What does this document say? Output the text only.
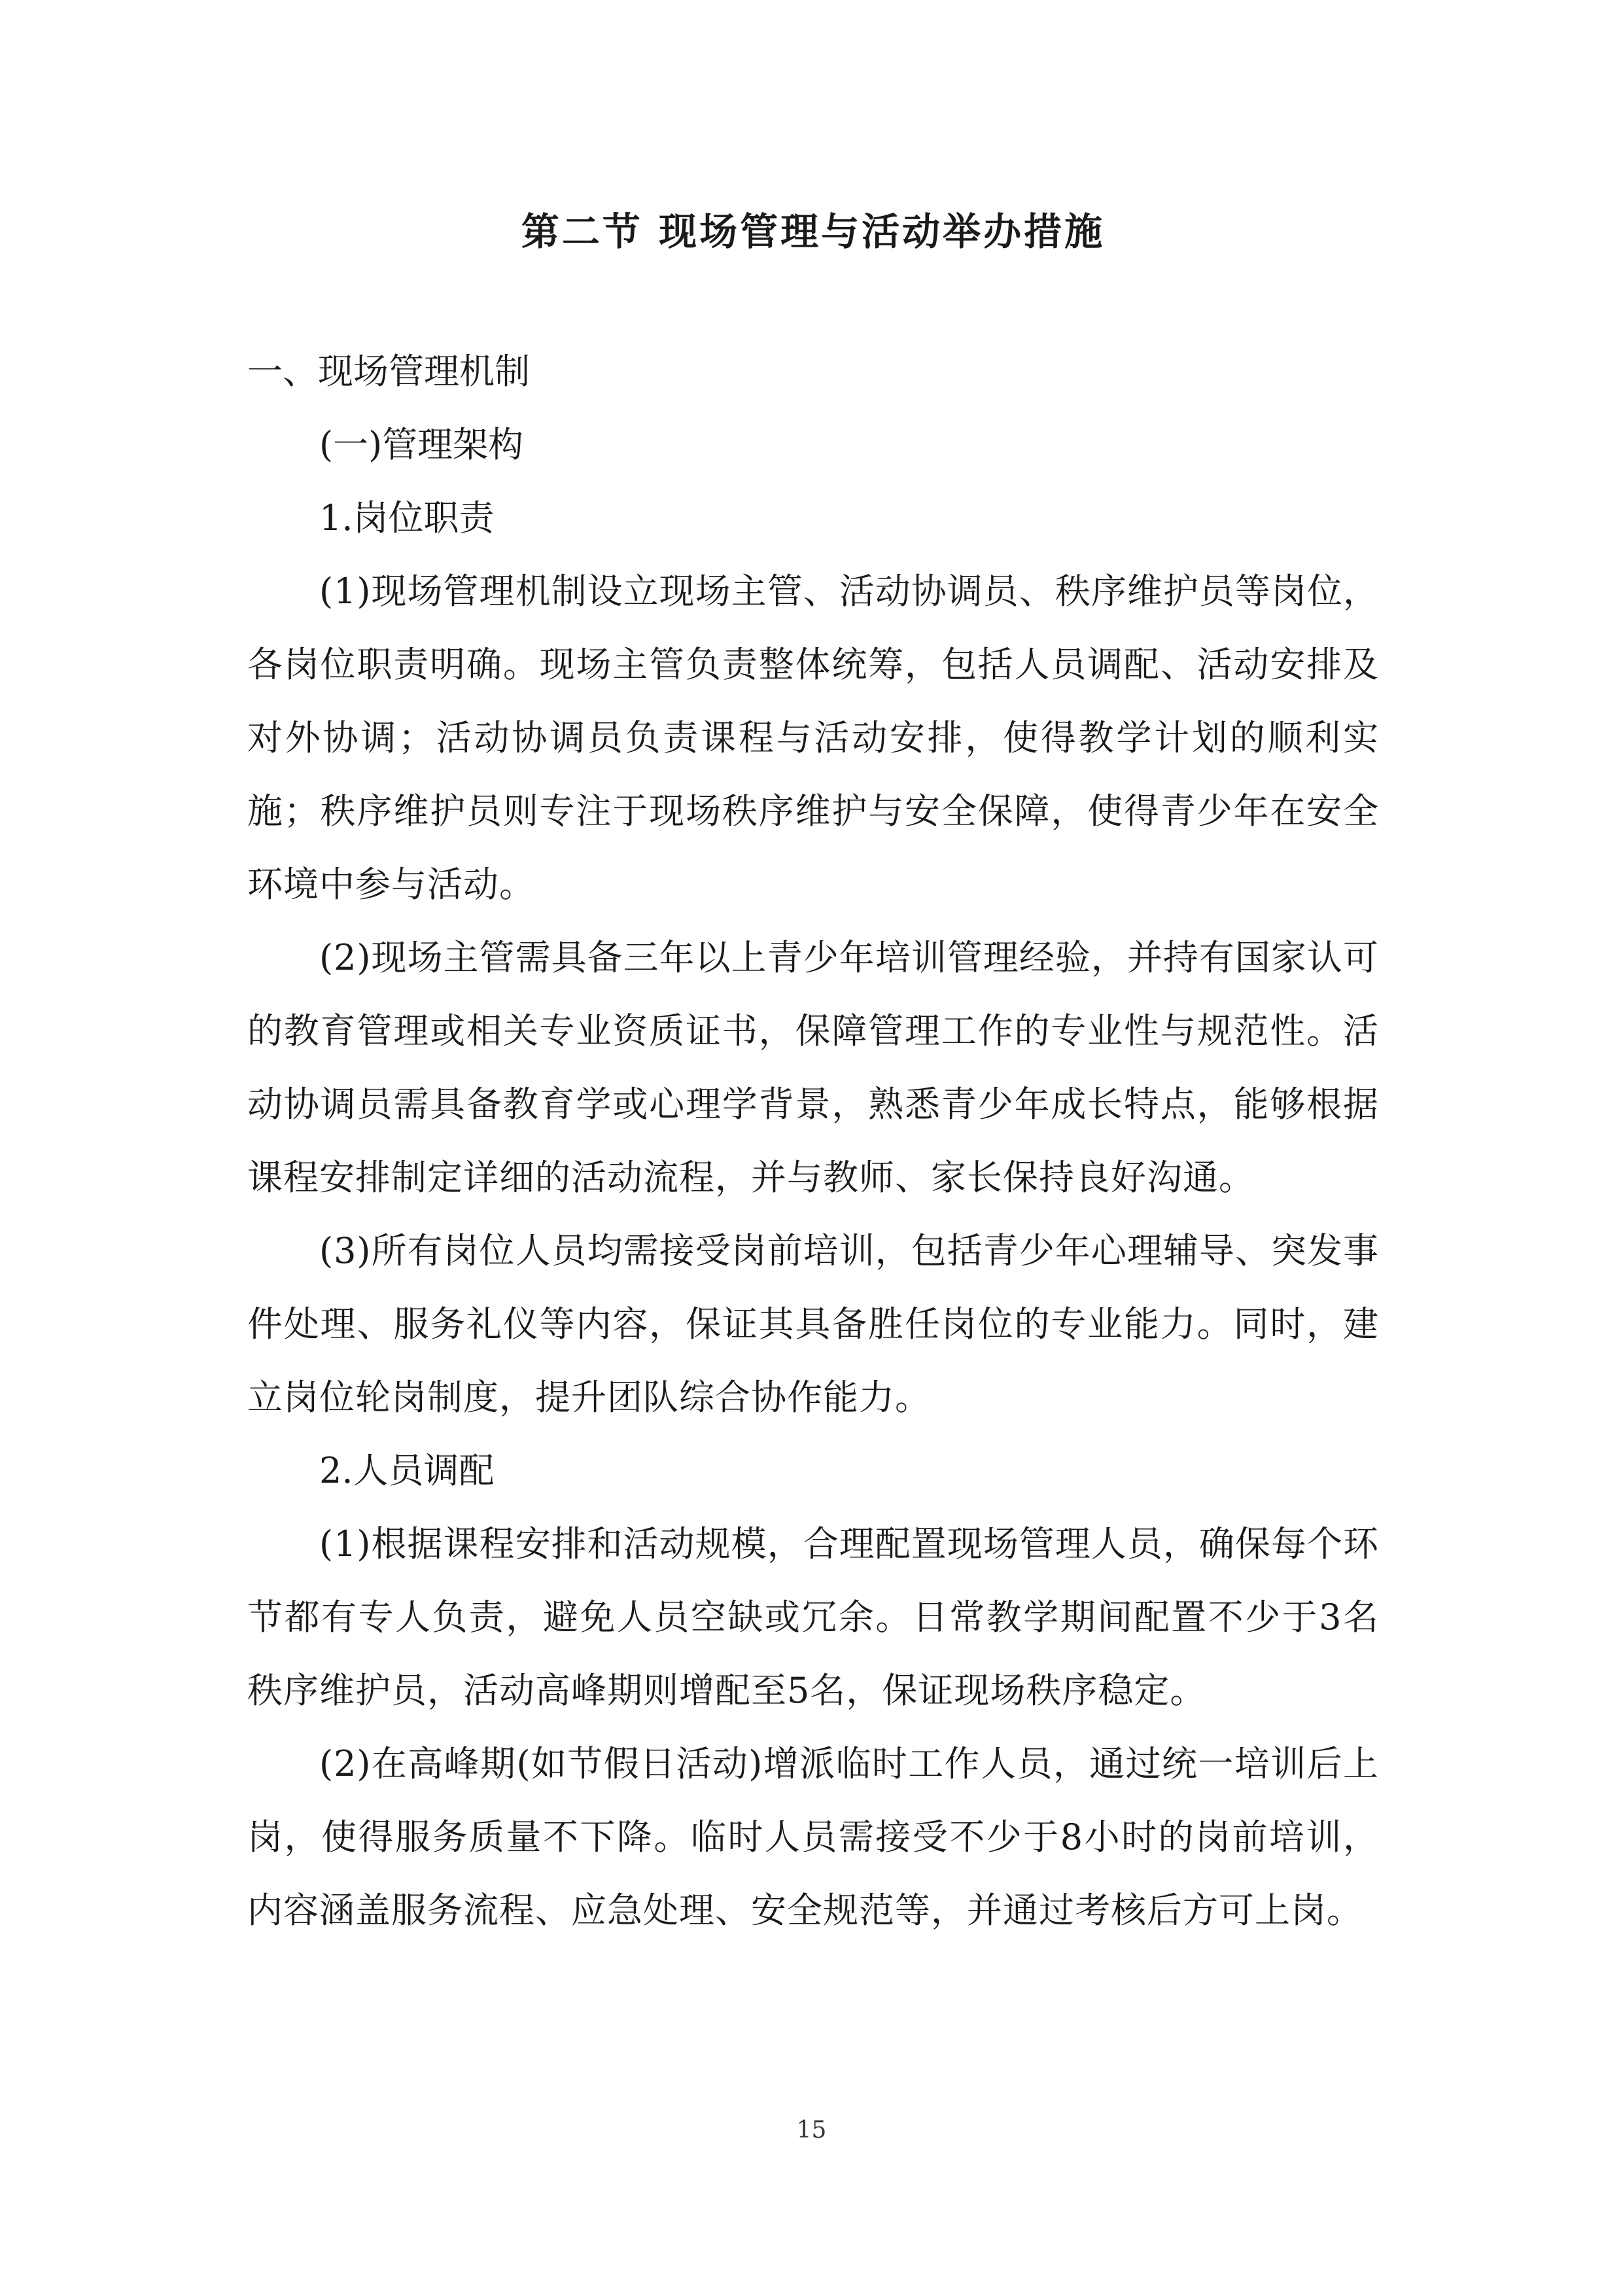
第二节 现场管理与活动举办措施

一、现场管理机制

(一)管理架构

1.岗位职责

(1)现场管理机制设立现场主管、活动协调员、秩序维护员等岗位，各岗位职责明确。现场主管负责整体统筹，包括人员调配、活动安排及对外协调；活动协调员负责课程与活动安排，使得教学计划的顺利实施；秩序维护员则专注于现场秩序维护与安全保障，使得青少年在安全环境中参与活动。

(2)现场主管需具备三年以上青少年培训管理经验，并持有国家认可的教育管理或相关专业资质证书，保障管理工作的专业性与规范性。活动协调员需具备教育学或心理学背景，熟悉青少年成长特点，能够根据课程安排制定详细的活动流程，并与教师、家长保持良好沟通。

(3)所有岗位人员均需接受岗前培训，包括青少年心理辅导、突发事件处理、服务礼仪等内容，保证其具备胜任岗位的专业能力。同时，建立岗位轮岗制度，提升团队综合协作能力。

2.人员调配

(1)根据课程安排和活动规模，合理配置现场管理人员，确保每个环节都有专人负责，避免人员空缺或冗余。日常教学期间配置不少于3名秩序维护员，活动高峰期则增配至5名，保证现场秩序稳定。

(2)在高峰期(如节假日活动)增派临时工作人员，通过统一培训后上岗，使得服务质量不下降。临时人员需接受不少于8小时的岗前培训，内容涵盖服务流程、应急处理、安全规范等，并通过考核后方可上岗。

15
